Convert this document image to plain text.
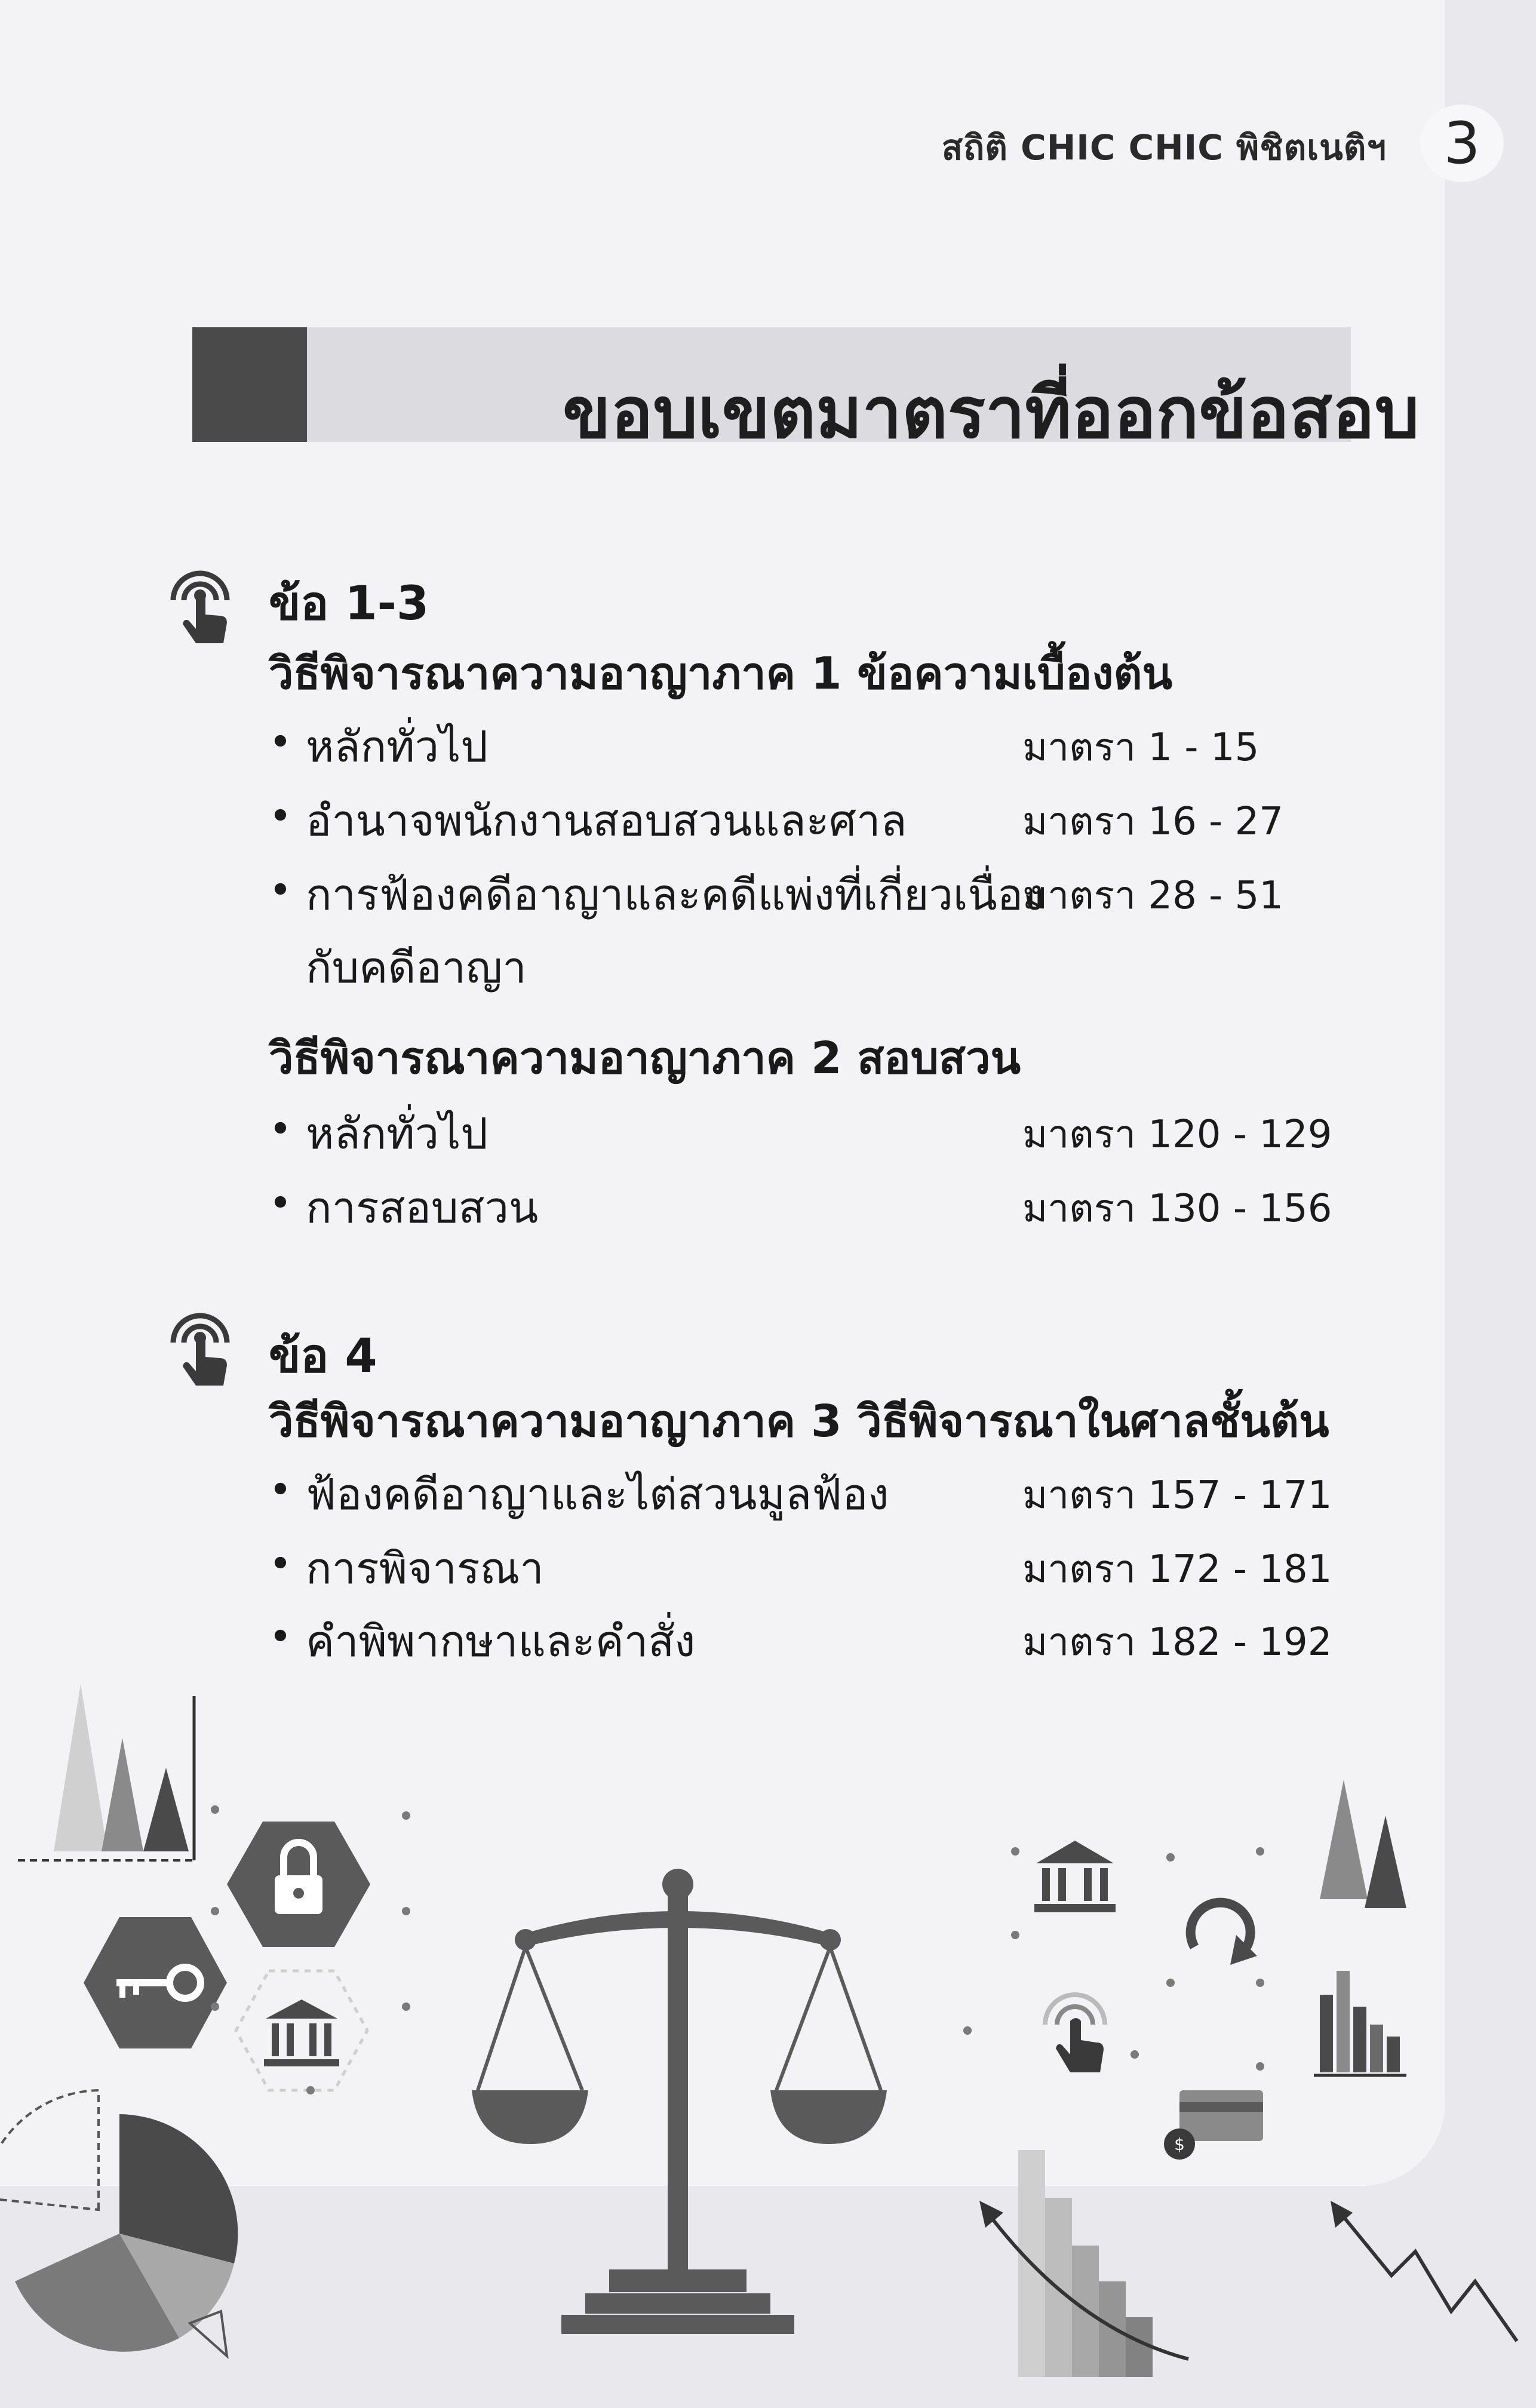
สถิติ CHIC CHIC พิชิตเนติฯ 3
ขอบเขตมาตราที่ออกข้อสอบ
ข้อ 1-3
วิธีพิจารณาความอาญาภาค 1 ข้อความเบื้องต้น
• หลักทั่วไป	มาตรา 1 - 15
• อำนาจพนักงานสอบสวนและศาล	มาตรา 16 - 27
• การฟ้องคดีอาญาและคดีแพ่งที่เกี่ยวเนื่อง
กับคดีอาญา
มาตรา 28 - 51
วิธีพิจารณาความอาญาภาค 2 สอบสวน
• หลักทั่วไป	มาตรา 120 - 129
• การสอบสวน	มาตรา 130 - 156
ข้อ 4
วิธีพิจารณาความอาญาภาค 3 วิธีพิจารณาในศาลชั้นต้น
• ฟ้องคดีอาญาและไต่สวนมูลฟ้อง	มาตรา 157 - 171
• การพิจารณา	มาตรา 172 - 181
• คำพิพากษาและคำสั่ง	มาตรา 182 - 192
$
